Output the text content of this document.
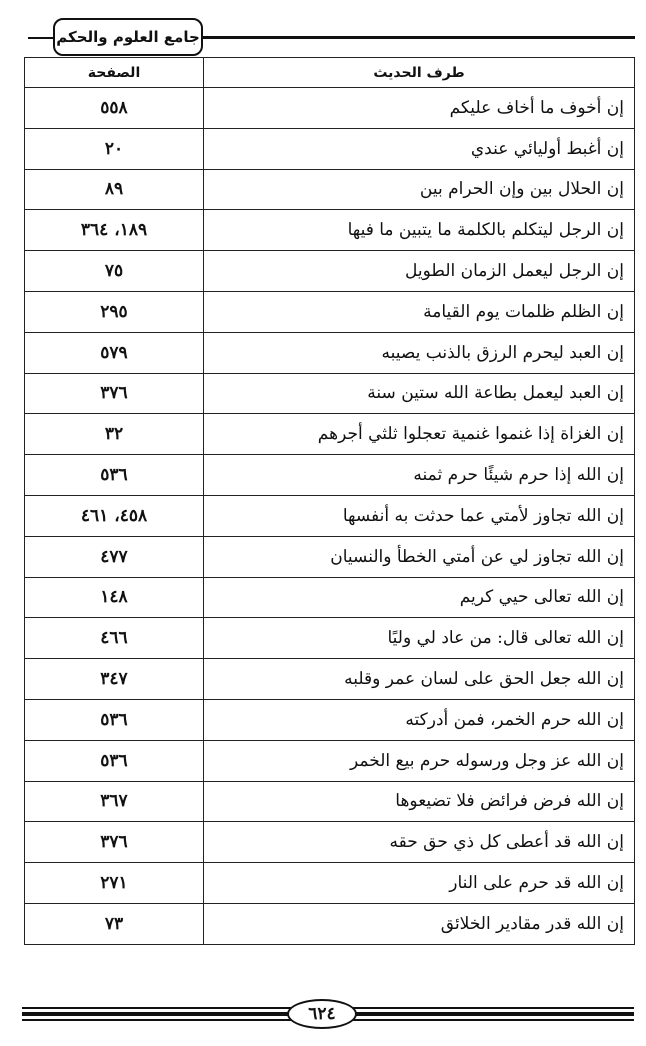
جامع العلوم والحكم
طرف الحديث	الصفحة
إن أخوف ما أخاف عليكم	٥٥٨
إن أغبط أوليائي عندي	٢٠
إن الحلال بين وإن الحرام بين	٨٩
إن الرجل ليتكلم بالكلمة ما يتبين ما فيها	١٨٩، ٣٦٤
إن الرجل ليعمل الزمان الطويل	٧٥
إن الظلم ظلمات يوم القيامة	٢٩٥
إن العبد ليحرم الرزق بالذنب يصيبه	٥٧٩
إن العبد ليعمل بطاعة الله ستين سنة	٣٧٦
إن الغزاة إذا غنموا غنمية تعجلوا ثلثي أجرهم	٣٢
إن الله إذا حرم شيئًا حرم ثمنه	٥٣٦
إن الله تجاوز لأمتي عما حدثت به أنفسها	٤٥٨، ٤٦١
إن الله تجاوز لي عن أمتي الخطأ والنسيان	٤٧٧
إن الله تعالى حيي كريم	١٤٨
إن الله تعالى قال: من عاد لي وليًا	٤٦٦
إن الله جعل الحق على لسان عمر وقلبه	٣٤٧
إن الله حرم الخمر، فمن أدركته	٥٣٦
إن الله عز وجل ورسوله حرم بيع الخمر	٥٣٦
إن الله فرض فرائض فلا تضيعوها	٣٦٧
إن الله قد أعطى كل ذي حق حقه	٣٧٦
إن الله قد حرم على النار	٢٧١
إن الله قدر مقادير الخلائق	٧٣
٦٢٤
